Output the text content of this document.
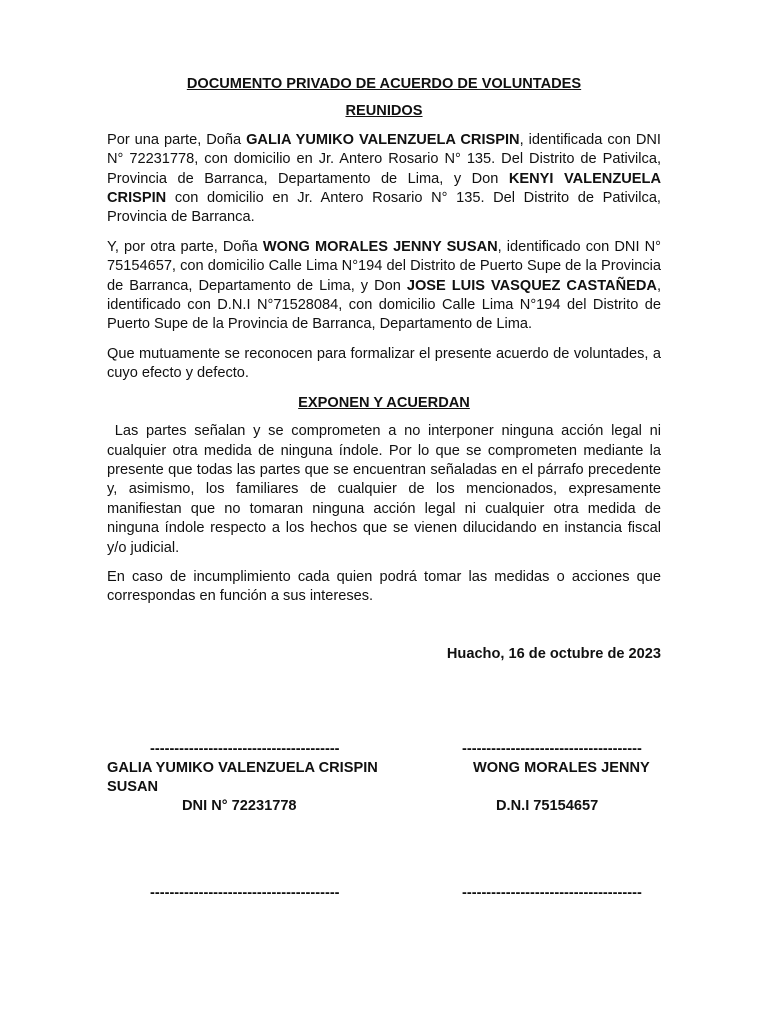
DOCUMENTO PRIVADO DE ACUERDO DE VOLUNTADES

REUNIDOS

Por una parte, Doña GALIA YUMIKO VALENZUELA CRISPIN, identificada con DNI N° 72231778, con domicilio en Jr. Antero Rosario N° 135. Del Distrito de Pativilca, Provincia de Barranca, Departamento de Lima, y Don KENYI VALENZUELA CRISPIN con domicilio en Jr. Antero Rosario N° 135. Del Distrito de Pativilca, Provincia de Barranca.

Y, por otra parte, Doña WONG MORALES JENNY SUSAN, identificado con DNI N° 75154657, con domicilio Calle Lima N°194 del Distrito de Puerto Supe de la Provincia de Barranca, Departamento de Lima, y Don JOSE LUIS VASQUEZ CASTAÑEDA, identificado con D.N.I N°71528084, con domicilio Calle Lima N°194 del Distrito de Puerto Supe de la Provincia de Barranca, Departamento de Lima.

Que mutuamente se reconocen para formalizar el presente acuerdo de voluntades, a cuyo efecto y defecto.

EXPONEN Y ACUERDAN

Las partes señalan y se comprometen a no interponer ninguna acción legal ni cualquier otra medida de ninguna índole. Por lo que se comprometen mediante la presente que todas las partes que se encuentran señaladas en el párrafo precedente y, asimismo, los familiares de cualquier de los mencionados, expresamente manifiestan que no tomaran ninguna acción legal ni cualquier otra medida de ninguna índole respecto a los hechos que se vienen dilucidando en instancia fiscal y/o judicial.

En caso de incumplimiento cada quien podrá tomar las medidas o acciones que correspondas en función a sus intereses.

Huacho, 16 de octubre de 2023

---------------------------------------	-------------------------------------
GALIA YUMIKO VALENZUELA CRISPIN	WONG MORALES JENNY
SUSAN
DNI N° 72231778	D.N.I 75154657
---------------------------------------	-------------------------------------
